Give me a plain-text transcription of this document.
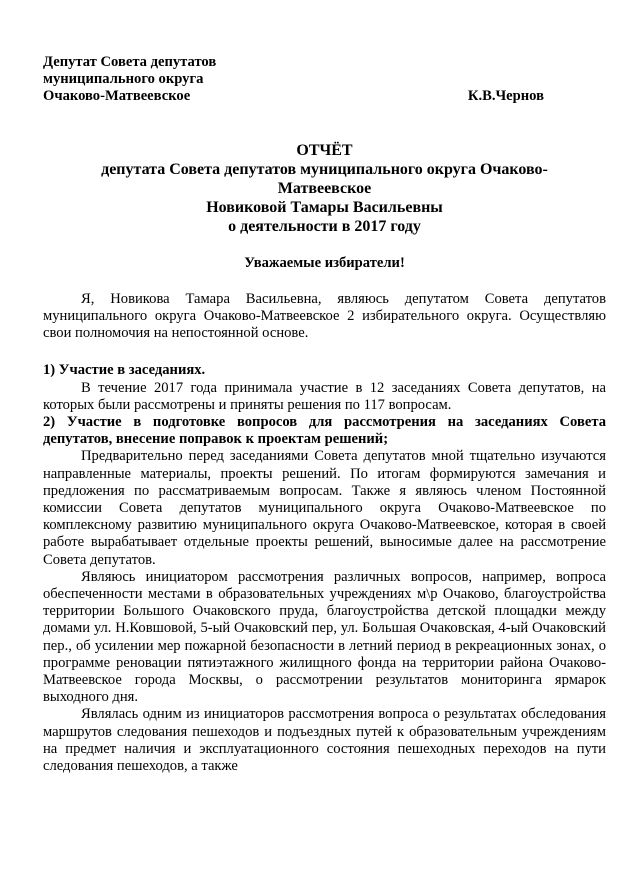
Депутат Совета депутатов
муниципального округа
Очаково-Матвеевское	К.В.Чернов
ОТЧЁТ
депутата Совета депутатов муниципального округа Очаково-
Матвеевское
Новиковой Тамары Васильевны
о деятельности в 2017 году
Уважаемые избиратели!

Я, Новикова Тамара Васильевна, являюсь депутатом Совета депутатов муниципального округа Очаково-Матвеевское 2 избирательного округа. Осуществляю свои полномочия на непостоянной основе.

1) Участие в заседаниях.

В течение 2017 года принимала участие в 12 заседаниях Совета депутатов, на которых были рассмотрены и приняты решения по 117 вопросам.

2) Участие в подготовке вопросов для рассмотрения на заседаниях Совета депутатов, внесение поправок к проектам решений;

Предварительно перед заседаниями Совета депутатов мной тщательно изучаются направленные материалы, проекты решений. По итогам формируются замечания и предложения по рассматриваемым вопросам. Также я являюсь членом Постоянной комиссии Совета депутатов муниципального округа Очаково-Матвеевское по комплексному развитию муниципального округа Очаково-Матвеевское, которая в своей работе вырабатывает отдельные проекты решений, выносимые далее на рассмотрение Совета депутатов.

Являюсь инициатором рассмотрения различных вопросов, например, вопроса обеспеченности местами в образовательных учреждениях м\р Очаково, благоустройства территории Большого Очаковского пруда, благоустройства детской площадки между домами ул. Н.Ковшовой, 5-ый Очаковский пер, ул. Большая Очаковская, 4-ый Очаковский пер., об усилении мер пожарной безопасности в летний период в рекреационных зонах, о программе реновации пятиэтажного жилищного фонда на территории района Очаково-Матвеевское города Москвы, о рассмотрении результатов мониторинга ярмарок выходного дня.

Являлась одним из инициаторов рассмотрения вопроса о результатах обследования маршрутов следования пешеходов и подъездных путей к образовательным учреждениям на предмет наличия и эксплуатационного состояния пешеходных переходов на пути следования пешеходов, а также
